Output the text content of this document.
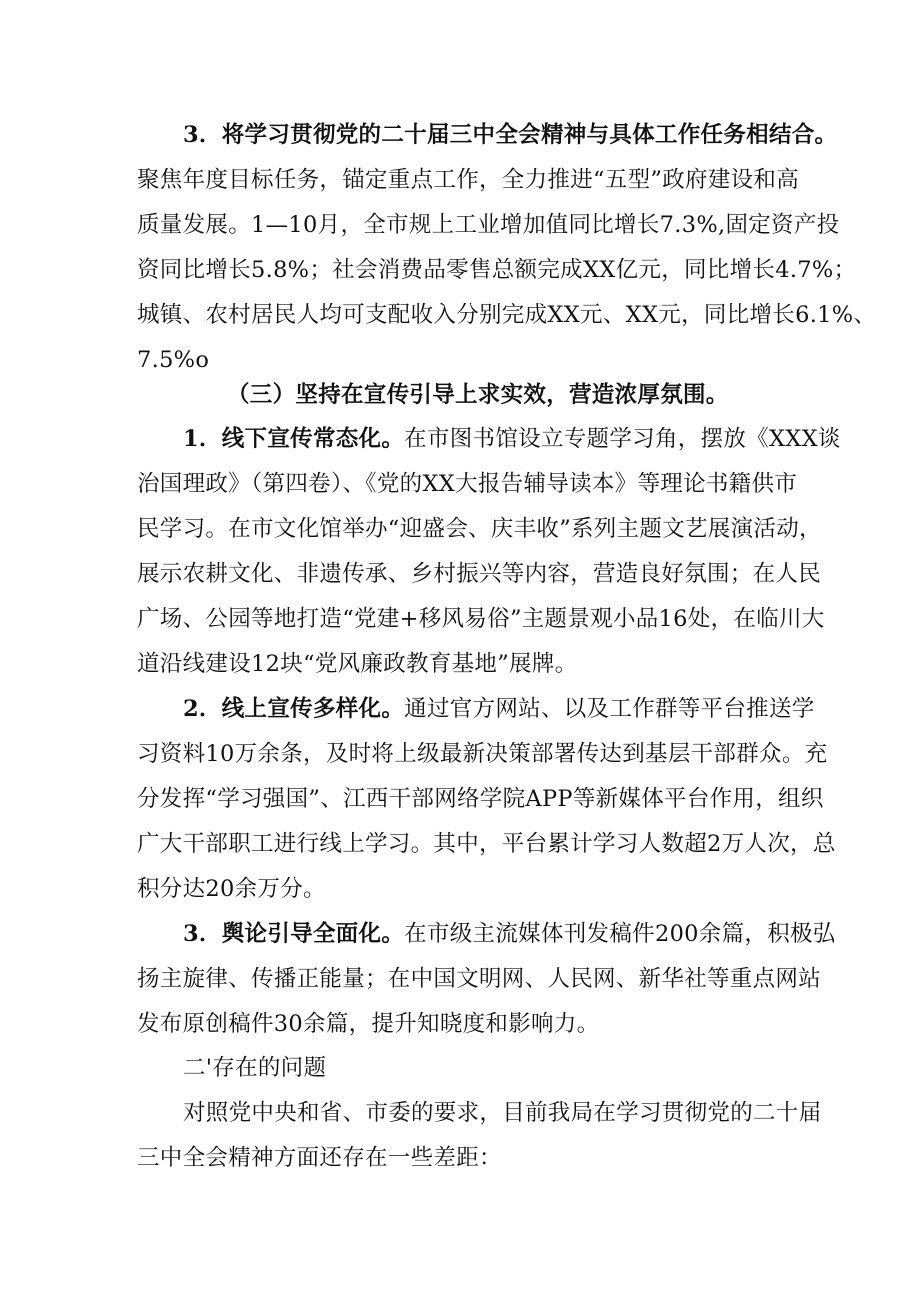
3．将学习贯彻党的二十届三中全会精神与具体工作任务相结合。
聚焦年度目标任务，锚定重点工作，全力推进“五型”政府建设和高
质量发展。1—10月，全市规上工业增加值同比增长7.3%,固定资产投
资同比增长5.8%；社会消费品零售总额完成XX亿元，同比增长4.7%；
城镇、农村居民人均可支配收入分别完成XX元、XX元，同比增长6.1%、
7.5%o
（三）坚持在宣传引导上求实效，营造浓厚氛围。
1．线下宣传常态化。在市图书馆设立专题学习角，摆放《XXX谈
治国理政》（第四卷）、《党的XX大报告辅导读本》等理论书籍供市
民学习。在市文化馆举办“迎盛会、庆丰收”系列主题文艺展演活动，
展示农耕文化、非遗传承、乡村振兴等内容，营造良好氛围；在人民
广场、公园等地打造“党建+移风易俗”主题景观小品16处，在临川大
道沿线建设12块“党风廉政教育基地”展牌。
2．线上宣传多样化。通过官方网站、以及工作群等平台推送学
习资料10万余条，及时将上级最新决策部署传达到基层干部群众。充
分发挥“学习强国”、江西干部网络学院APP等新媒体平台作用，组织
广大干部职工进行线上学习。其中，平台累计学习人数超2万人次，总
积分达20余万分。
3．舆论引导全面化。在市级主流媒体刊发稿件200余篇，积极弘
扬主旋律、传播正能量；在中国文明网、人民网、新华社等重点网站
发布原创稿件30余篇，提升知晓度和影响力。
二'存在的问题
对照党中央和省、市委的要求，目前我局在学习贯彻党的二十届
三中全会精神方面还存在一些差距：
